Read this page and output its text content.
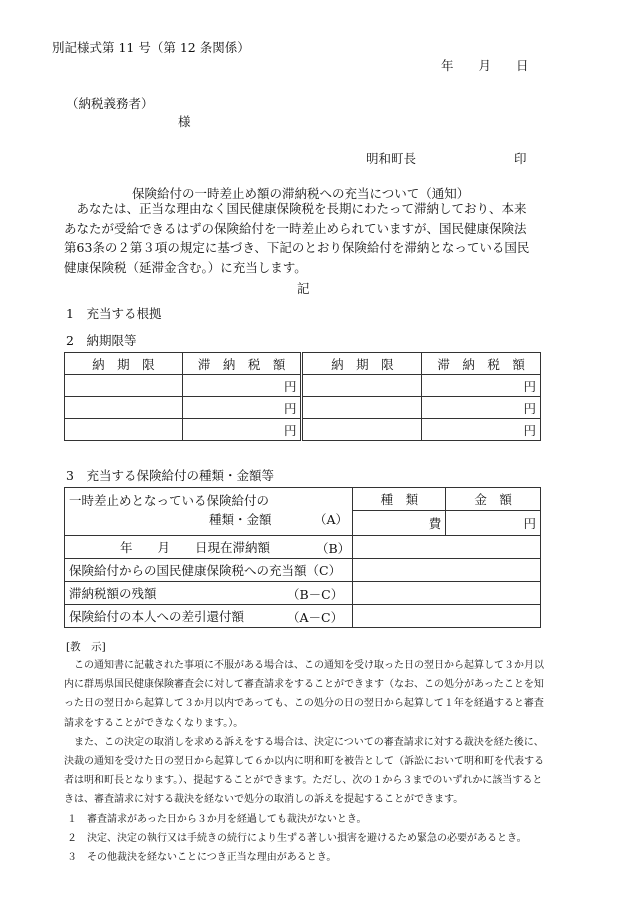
別記様式第 11 号（第 12 条関係）
年　　月　　日
（納税義務者）
様
明和町長	印
保険給付の一時差止め額の滞納税への充当について（通知）
あなたは、正当な理由なく国民健康保険税を長期にわたって滞納しており、本来あなたが受給できるはずの保険給付を一時差止められていますが、国民健康保険法第63条の２第３項の規定に基づき、下記のとおり保険給付を滞納となっている国民健康保険税（延滞金含む。）に充当します。
記
1　充当する根拠
2　納期限等
納　期　限	滞　納　税　額	納　期　限	滞　納　税　額
	円		円
	円		円
	円		円
3　充当する保険給付の種類・金額等
一時差止めとなっている保険給付の
種類・金額 （A）	種　類	金　額
	費	円
年　　月　　日現在滞納額 （B）		

保険給付からの国民健康保険税への充当額（C）		
滞納税額の残額 （B－C）		

保険給付の本人への差引還付額 （A－C）		

[教　示]

　この通知書に記載された事項に不服がある場合は、この通知を受け取った日の翌日から起算して３か月以内に群馬県国民健康保険審査会に対して審査請求をすることができます（なお、この処分があったことを知った日の翌日から起算して３か月以内であっても、この処分の日の翌日から起算して１年を経過すると審査請求をすることができなくなります。）。

　また、この決定の取消しを求める訴えをする場合は、決定についての審査請求に対する裁決を経た後に、決裁の通知を受けた日の翌日から起算して６か以内に明和町を被告として（訴訟において明和町を代表する者は明和町長となります。）、提起することができます。ただし、次の１から３までのいずれかに該当するときは、審査請求に対する裁決を経ないで処分の取消しの訴えを提起することができます。

１　審査請求があった日から３か月を経過しても裁決がないとき。

２　決定、決定の執行又は手続きの続行により生ずる著しい損害を避けるため緊急の必要があるとき。

３　その他裁決を経ないことにつき正当な理由があるとき。
